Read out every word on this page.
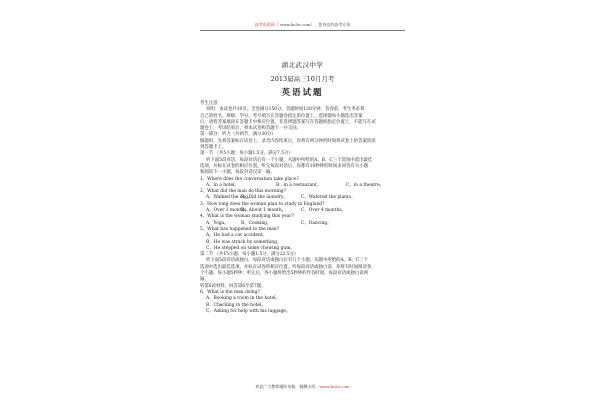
高考资源网（ www.ks5u.com），您身边的高考专家
湖北武汉中学
2013届高三10月月考
英语试题

考生注意：

说明：本试卷共10页，全卷满分150分，答题时间120分钟，答卷前，考生务必将

自己的姓名、班级、学号、考号填写在答题卷指定的位置上。选择题每小题选出答案

后，请将答案填涂在答题卡中相应位置，非选择题答案写在答题纸指定位置上，不能写在试

题卷上，考试结束后，将本试卷和答题卡一并交回。

第一部分：听力（共两节，满分30分）

做题时，先将答案标在试卷上，录音内容结束后，你将有两分钟的时间将试卷上的答案转涂

到答题卡上。

第一节 （共5小题；每小题1.5分，满分7.5分）

听下面5段对话，每段对话后有一个小题，从题中所给的A、B、C三个选项中选出最佳

选项，并标在试卷的相应位置。听完每段对话后，你都有10秒钟的时间来回答有关小题

和阅读下一小题，每段对话仅读一遍。

1、Where does the conversation take place?

A、in a hotel。	B、in a restaurant。	C、in a theatre。

2、What did the man do this morning?

A、Walked the dog。B、Did the laundry。	C、Watered the plants。

3、How long does the woman plan to study in England?

A、Over 3 months。B、About 1 month。	C、Over 4 months。

4、What is the woman studying this year?

A、Yoga。	B、Cooking。	C、Dancing。

5、What has happened to the man?

A、He had a car accident。

B、He was struck by something。

C、He stepped on some chewing gum。

第二节 （共15小题；每小题1.5分，满分22.5分）

听下面5段对话或独白，每段对话或独白后有几个小题，从题中所给的A、B、C三个

选项中选出最佳选项，并标在试卷的相应位置。听每段对话或独白前，你将有时间阅读各

个小题，每小题5秒钟；听完后，各小题将给出5秒钟的作答时间，每段对话或独白读两

遍。

听第6段材料，回答第6至第7题。

6、What is the man doing?

A、Booking a room in the hotel。

B、Checking in the hotel。

C、Asking for help with his luggage。

欢迎广大教师踊跃来稿，稿酬丰厚。www.ks5u.com
